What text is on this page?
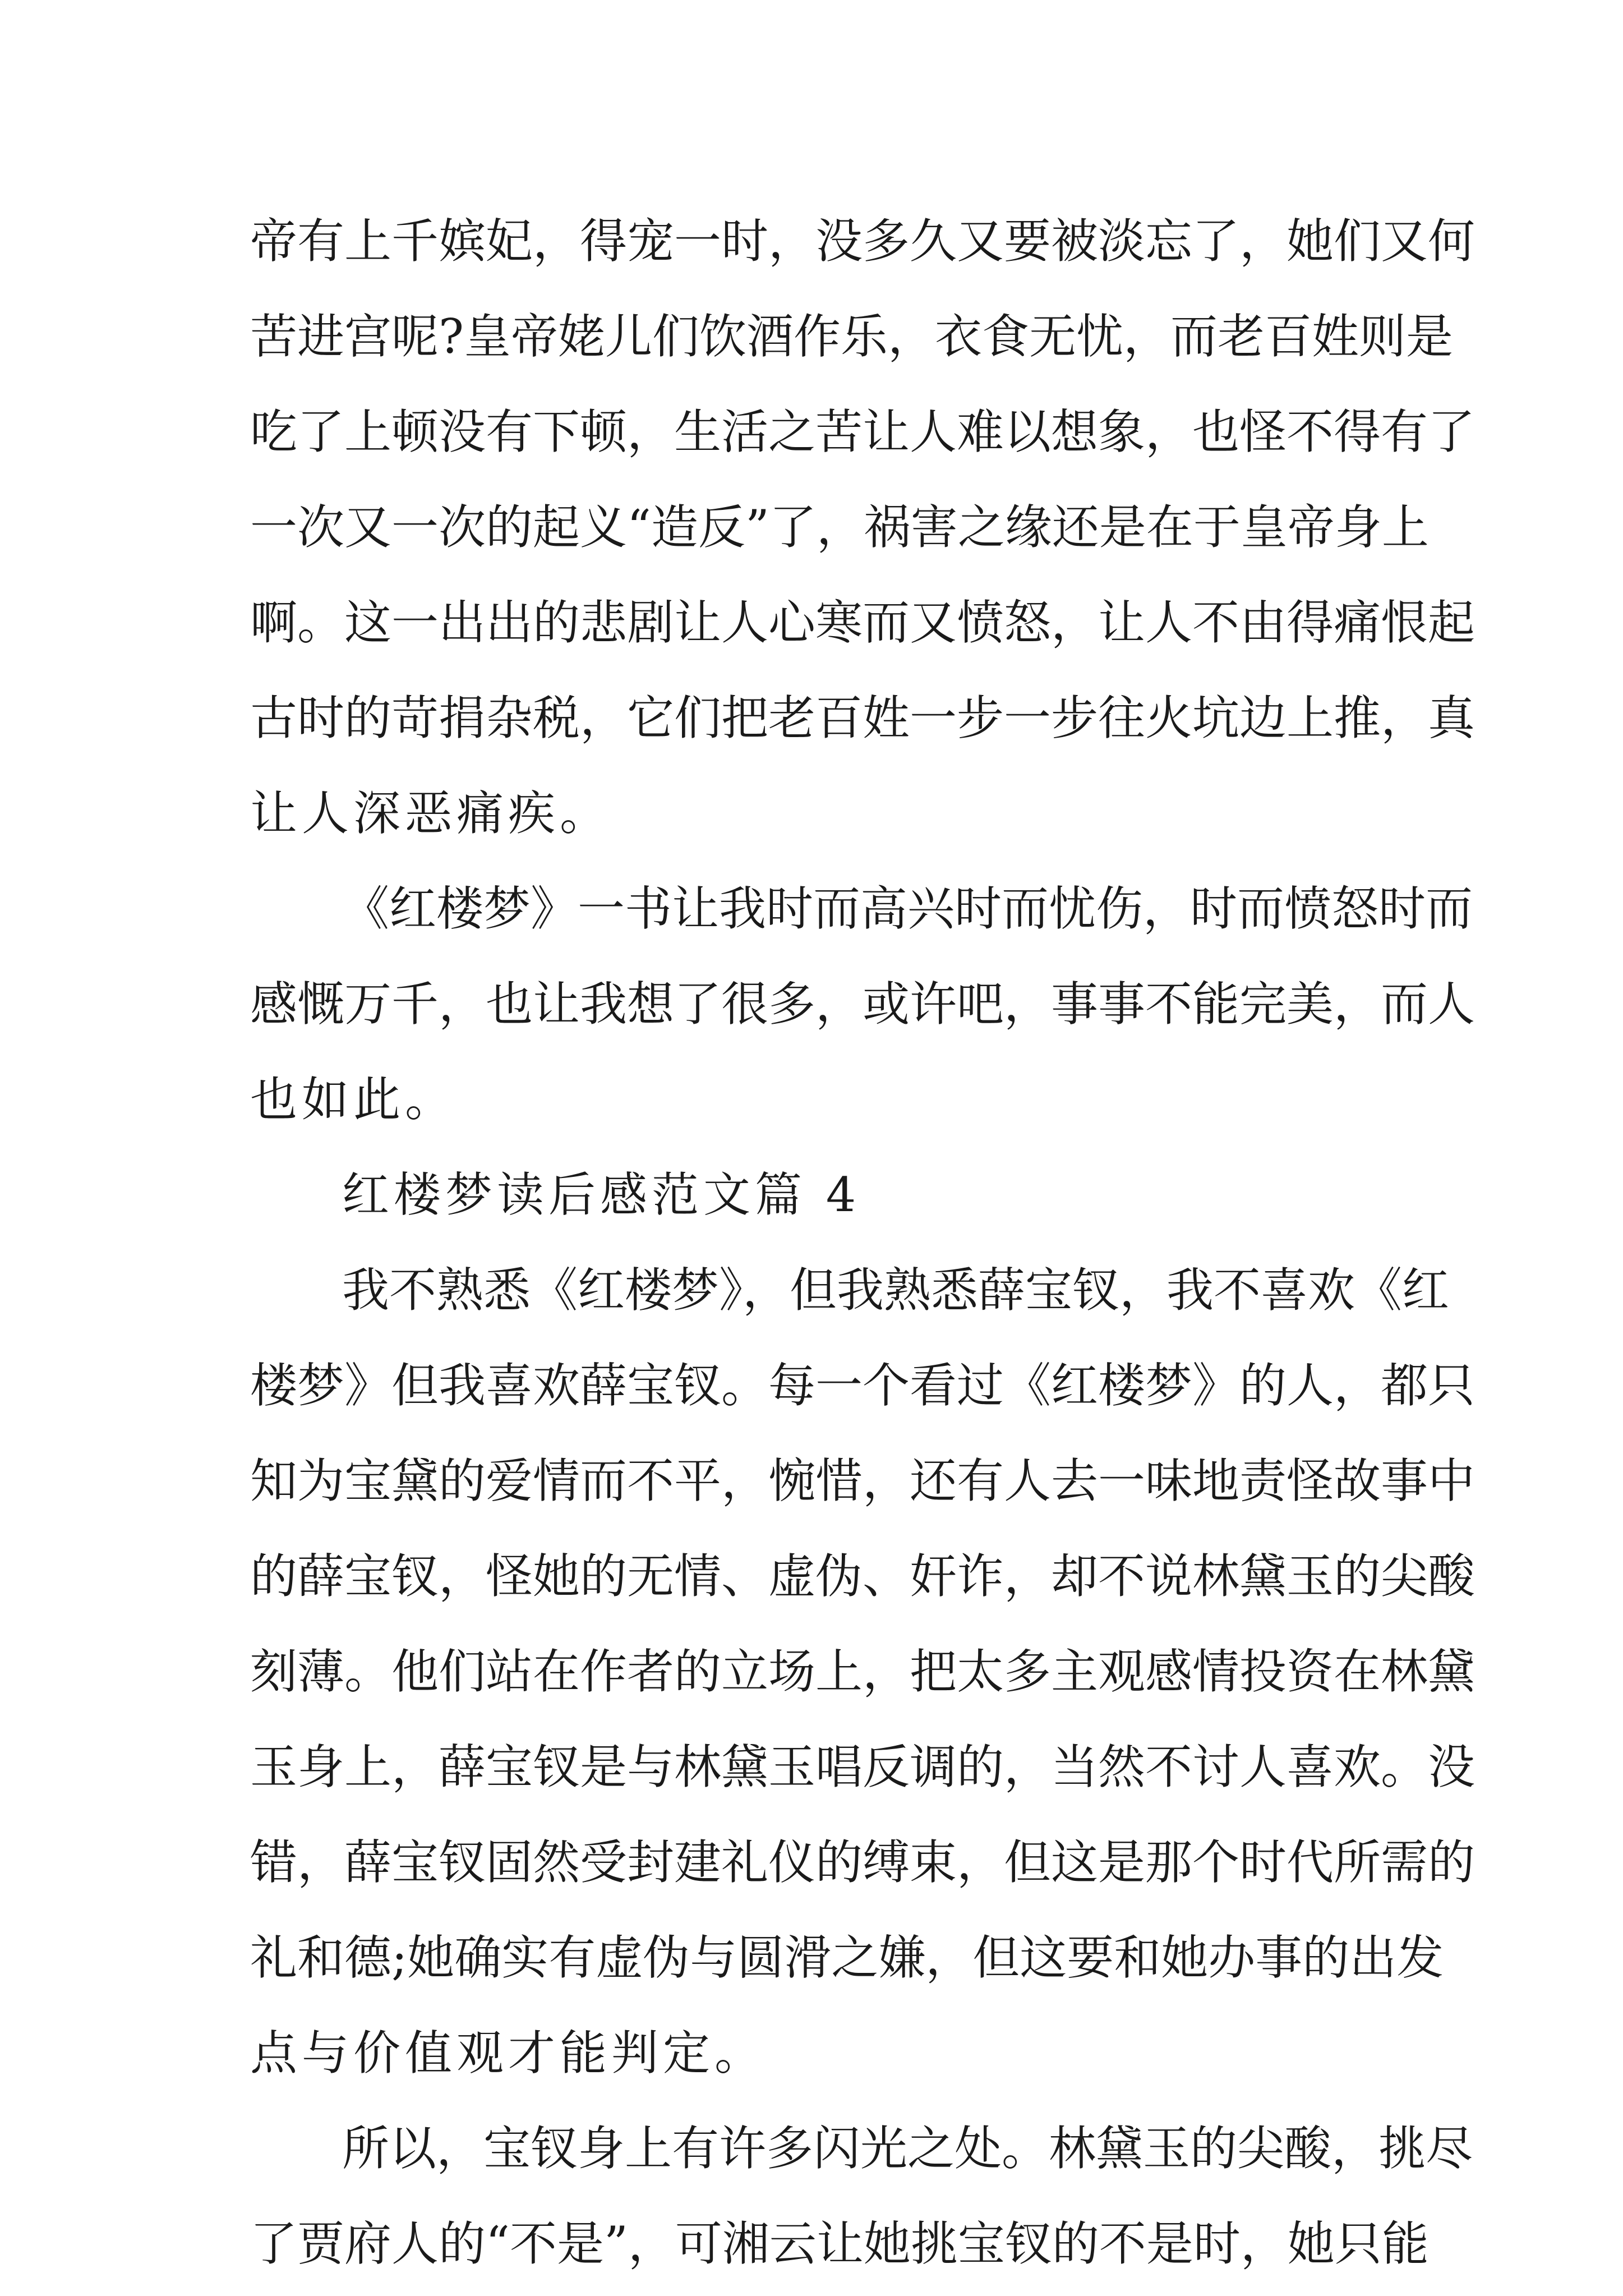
帝有上千嫔妃，得宠一时，没多久又要被淡忘了，她们又何
苦进宫呢?皇帝姥儿们饮酒作乐，衣食无忧，而老百姓则是
吃了上顿没有下顿，生活之苦让人难以想象，也怪不得有了
一次又一次的起义“造反”了，祸害之缘还是在于皇帝身上
啊。这一出出的悲剧让人心寒而又愤怒，让人不由得痛恨起
古时的苛捐杂税，它们把老百姓一步一步往火坑边上推，真
让人深恶痛疾。
《红楼梦》一书让我时而高兴时而忧伤，时而愤怒时而
感慨万千，也让我想了很多，或许吧，事事不能完美，而人
也如此。
红楼梦读后感范文篇 4
我不熟悉《红楼梦》，但我熟悉薛宝钗，我不喜欢《红
楼梦》但我喜欢薛宝钗。每一个看过《红楼梦》的人，都只
知为宝黛的爱情而不平，惋惜，还有人去一味地责怪故事中
的薛宝钗，怪她的无情、虚伪、奸诈，却不说林黛玉的尖酸
刻薄。他们站在作者的立场上，把太多主观感情投资在林黛
玉身上，薛宝钗是与林黛玉唱反调的，当然不讨人喜欢。没
错，薛宝钗固然受封建礼仪的缚束，但这是那个时代所需的
礼和德;她确实有虚伪与圆滑之嫌，但这要和她办事的出发
点与价值观才能判定。
所以，宝钗身上有许多闪光之处。林黛玉的尖酸，挑尽
了贾府人的“不是”，可湘云让她挑宝钗的不是时，她只能
